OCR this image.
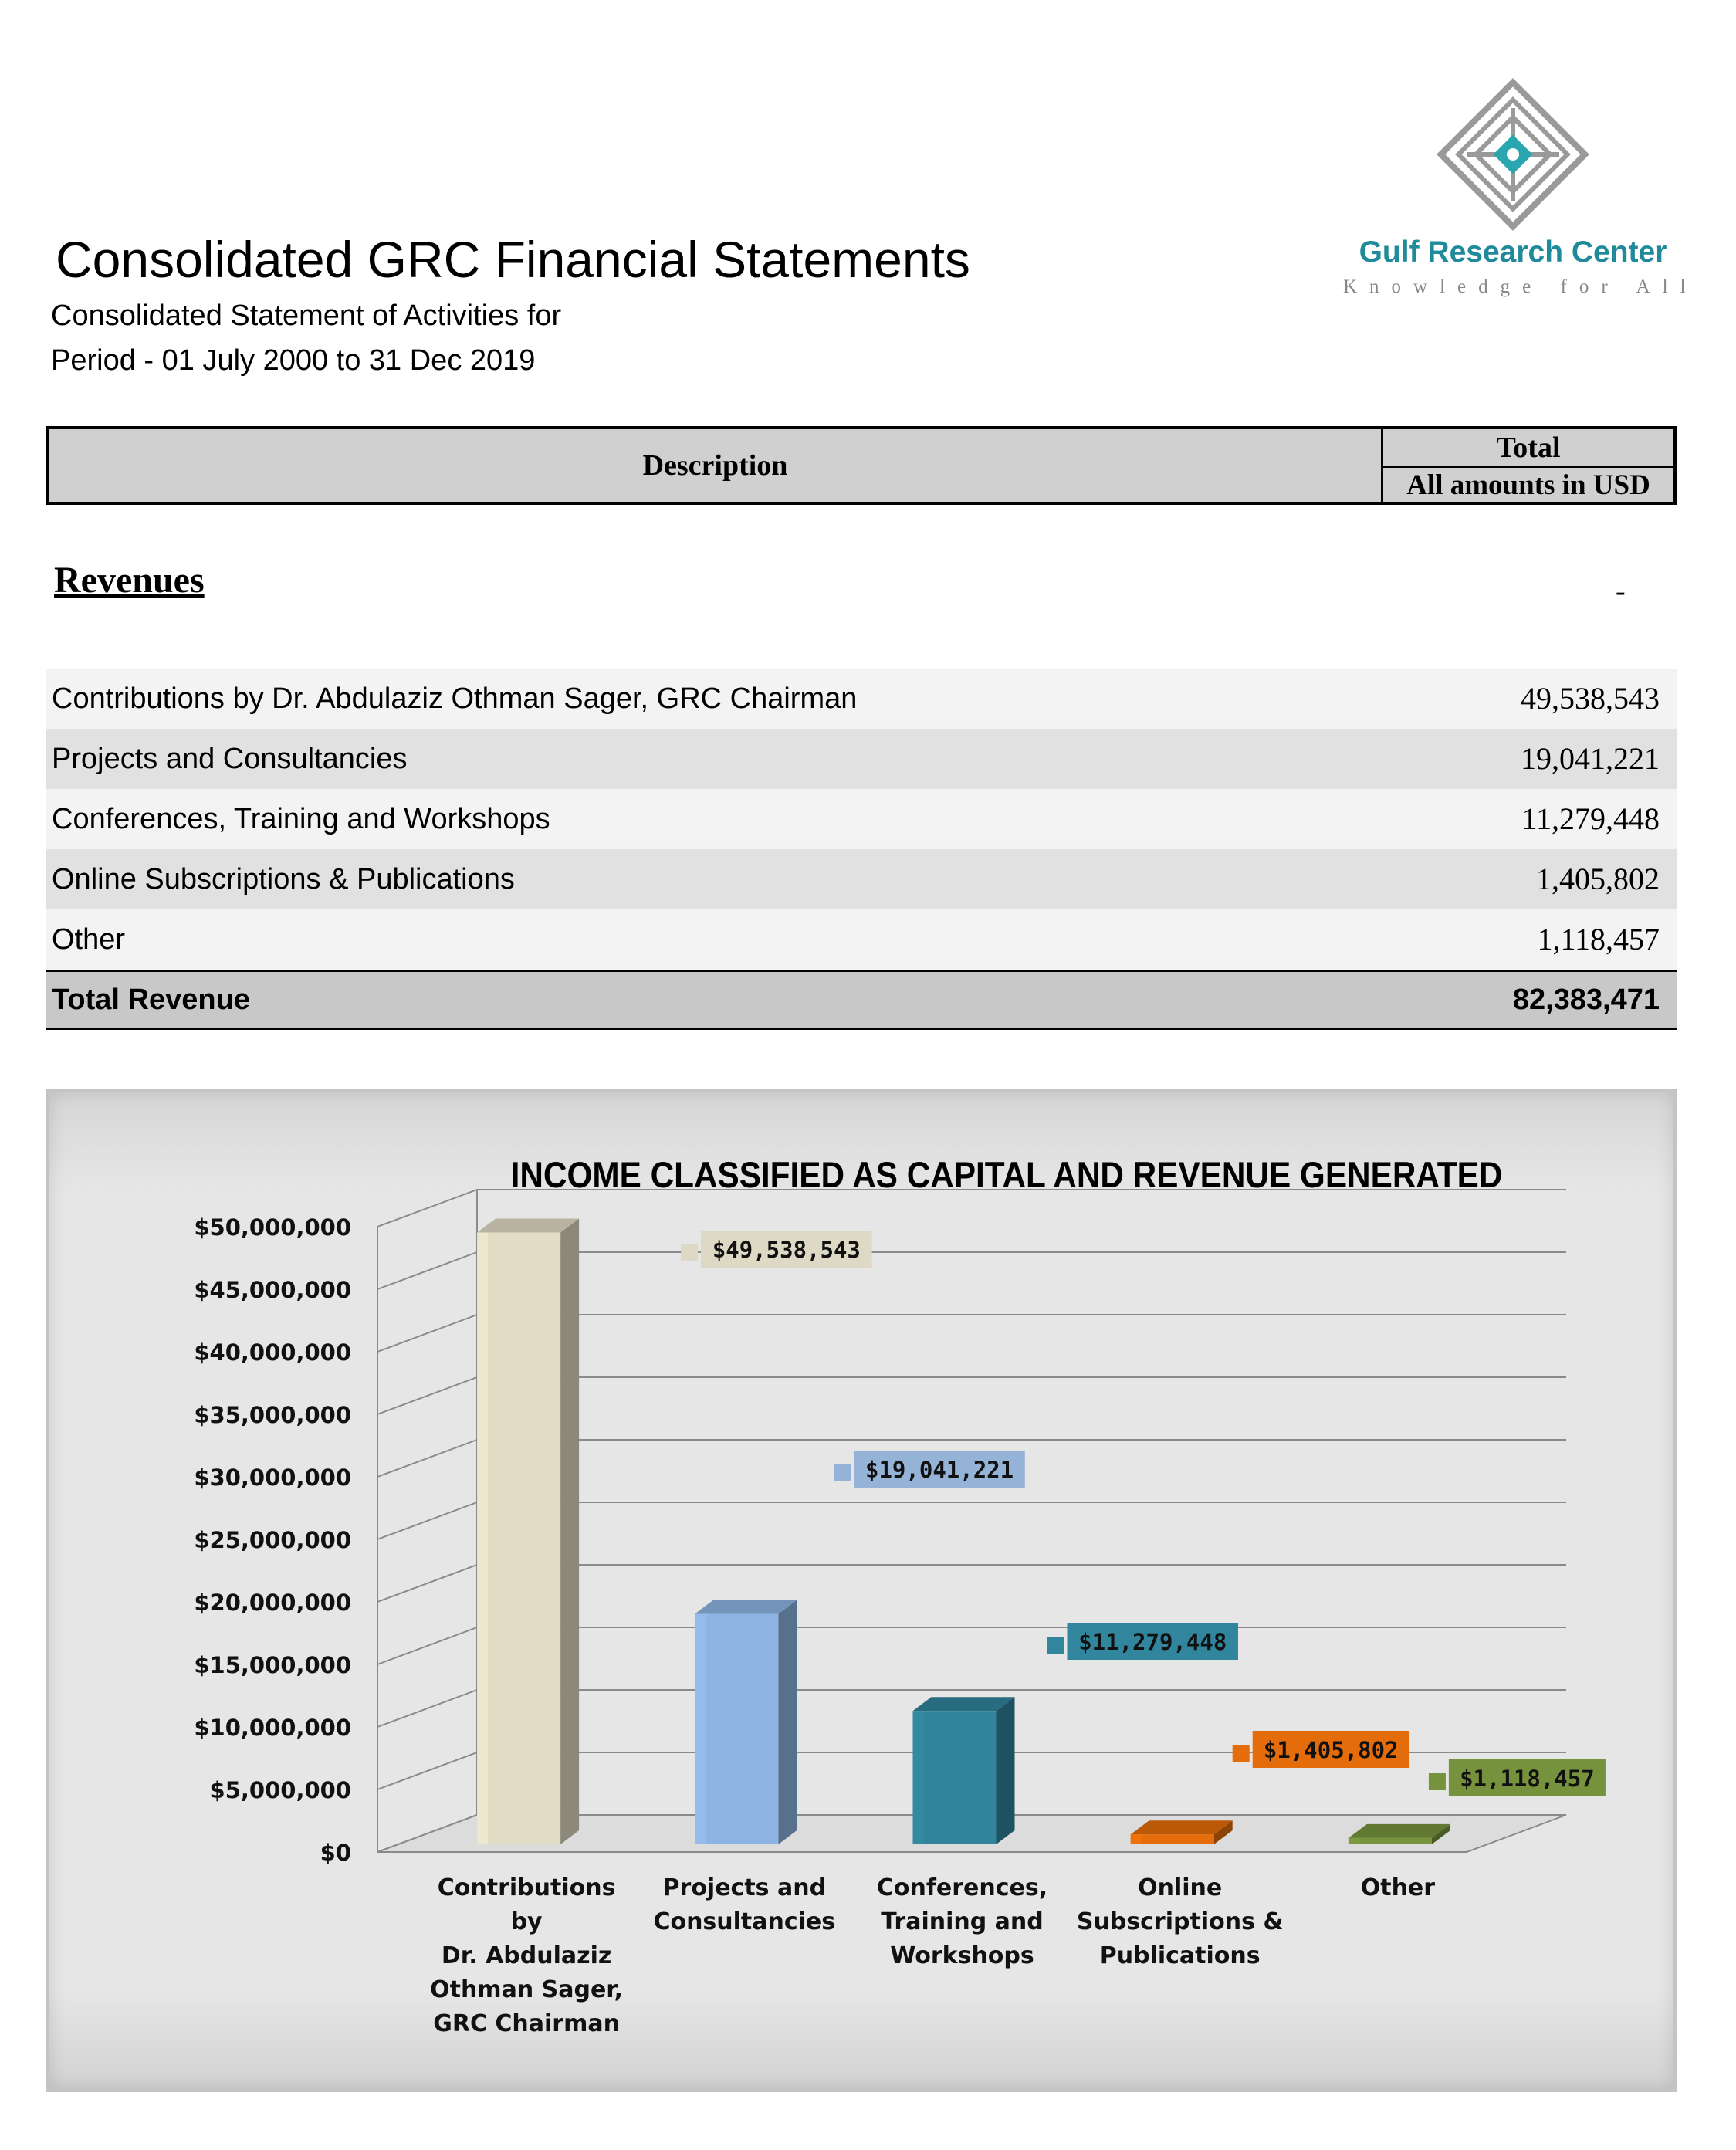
Consolidated GRC Financial Statements
Consolidated Statement of Activities for
Period - 01 July 2000 to 31 Dec 2019
Gulf Research Center
Knowledge for All
Description
Total
All amounts in USD
Revenues	-
Contributions by Dr. Abdulaziz Othman Sager, GRC Chairman	49,538,543
Projects and Consultancies	19,041,221
Conferences, Training and Workshops	11,279,448
Online Subscriptions & Publications	1,405,802
Other	1,118,457
Total Revenue	82,383,471
$0
$5,000,000
$10,000,000
$15,000,000
$20,000,000
$25,000,000
$30,000,000
$35,000,000
$40,000,000
$45,000,000
$50,000,000
$49,538,543
$19,041,221
$11,279,448
$1,405,802
$1,118,457
INCOME CLASSIFIED AS CAPITAL AND REVENUE GENERATED
Contributions by
Dr. Abdulaziz
Othman Sager,
GRC Chairman
Projects and
Consultancies
Conferences,
Training and
Workshops
Online
Subscriptions &
Publications
Other
